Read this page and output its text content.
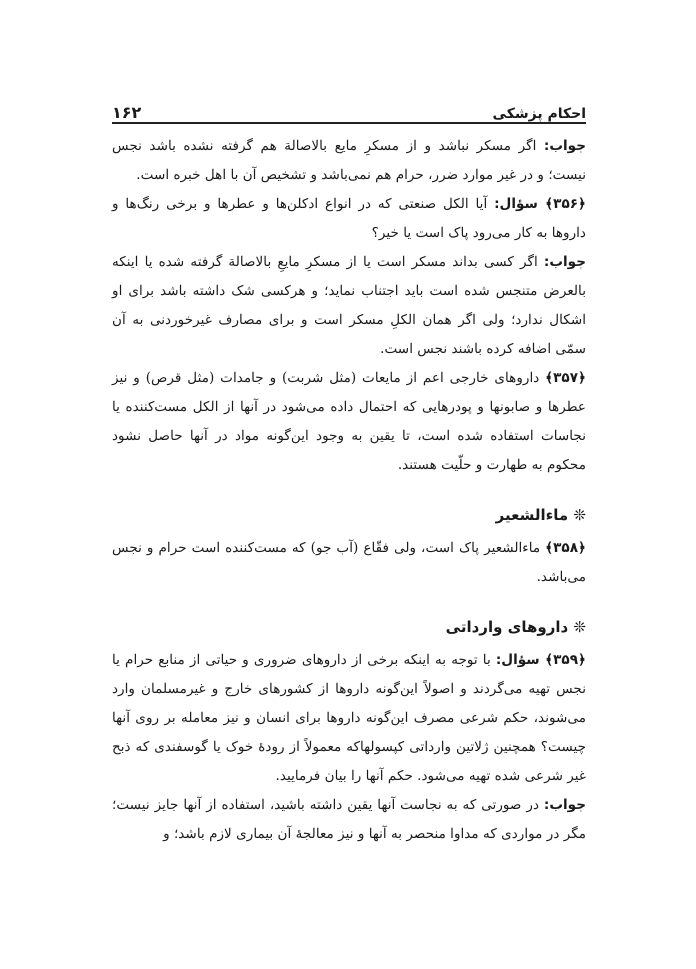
احکام پزشکی
۱۶۲

جواب: اگر مسکر نباشد و از مسکرِ مایع بالاصالة هم گرفته نشده باشد نجس نیست؛ و در غیر موارد ضرر، حرام هم نمی‌باشد و تشخیص آن با اهل خبره است.

﴿۳۵۶﴾ سؤال: آیا الکل صنعتی که در انواع ادکلن‌ها و عطرها و برخی رنگ‌ها و داروها به کار می‌رود پاک است یا خیر؟

جواب: اگر کسی بداند مسکر است یا از مسکرِ مایعِ بالاصالة گرفته شده یا اینکه بالعرض متنجس شده است باید اجتناب نماید؛ و هرکسی شک داشته باشد برای او اشکال ندارد؛ ولی اگر همان الکلِ مسکر است و برای مصارف غیرخوردنی به آن سمّی اضافه کرده باشند نجس است.

﴿۳۵۷﴾ داروهای خارجی اعم از مایعات (مثل شربت) و جامدات (مثل قرص) و نیز عطرها و صابونها و پودرهایی که احتمال داده می‌شود در آنها از الکل مست‌کننده یا نجاسات استفاده شده است، تا یقین به وجود این‌گونه مواد در آنها حاصل نشود محکوم به طهارت و حلّیت هستند.

❊ ماءالشعیر

﴿۳۵۸﴾ ماءالشعیر پاک است، ولی فقّاع (آب جو) که مست‌کننده است حرام و نجس می‌باشد.

❊ داروهای وارداتی

﴿۳۵۹﴾ سؤال: با توجه به اینکه برخی از داروهای ضروری و حیاتی از منابع حرام یا نجس تهیه می‌گردند و اصولاً این‌گونه داروها از کشورهای خارج و غیرمسلمان وارد می‌شوند، حکم شرعی مصرف این‌گونه داروها برای انسان و نیز معامله بر روی آنها چیست؟ همچنین ژلاتین وارداتی کپسولهاکه معمولاً از رودهٔ خوک یا گوسفندی که ذبح غیر شرعی شده تهیه می‌شود. حکم آنها را بیان فرمایید.

جواب: در صورتی که به نجاست آنها یقین داشته باشید، استفاده از آنها جایز نیست؛ مگر در مواردی که مداوا منحصر به آنها و نیز معالجهٔ آن بیماری لازم باشد؛ و
